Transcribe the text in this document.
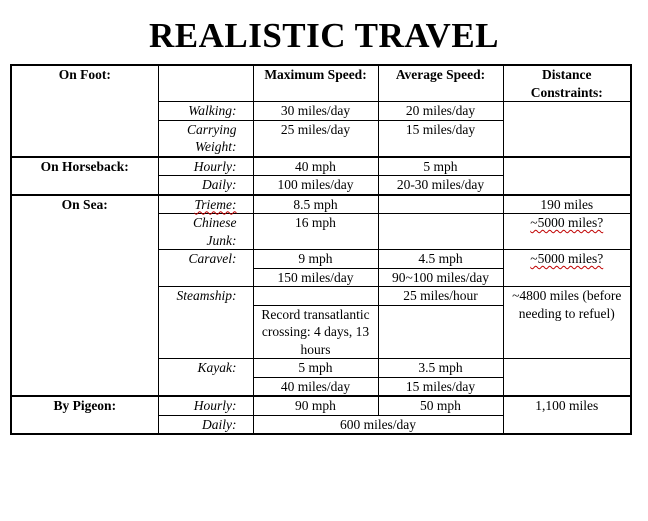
REALISTIC TRAVEL
On Foot:		Maximum Speed:	Average Speed:	Distance Constraints:
	Walking:	30 miles/day	20 miles/day	
	Carrying Weight:	25 miles/day	15 miles/day	
On Horseback:	Hourly:	40 mph	5 mph	
	Daily:	100 miles/day	20-30 miles/day	
On Sea:	Trieme:	8.5 mph		190 miles
	Chinese Junk:	16 mph		~5000 miles?
	Caravel:	9 mph	4.5 mph	~5000 miles?
		150 miles/day	90~100 miles/day	
	Steamship:		25 miles/hour	~4800 miles (before needing to refuel)
		Record transatlantic crossing: 4 days, 13 hours		
	Kayak:	5 mph	3.5 mph	
		40 miles/day	15 miles/day	
By Pigeon:	Hourly:	90 mph	50 mph	1,100 miles
	Daily:	600 miles/day		
